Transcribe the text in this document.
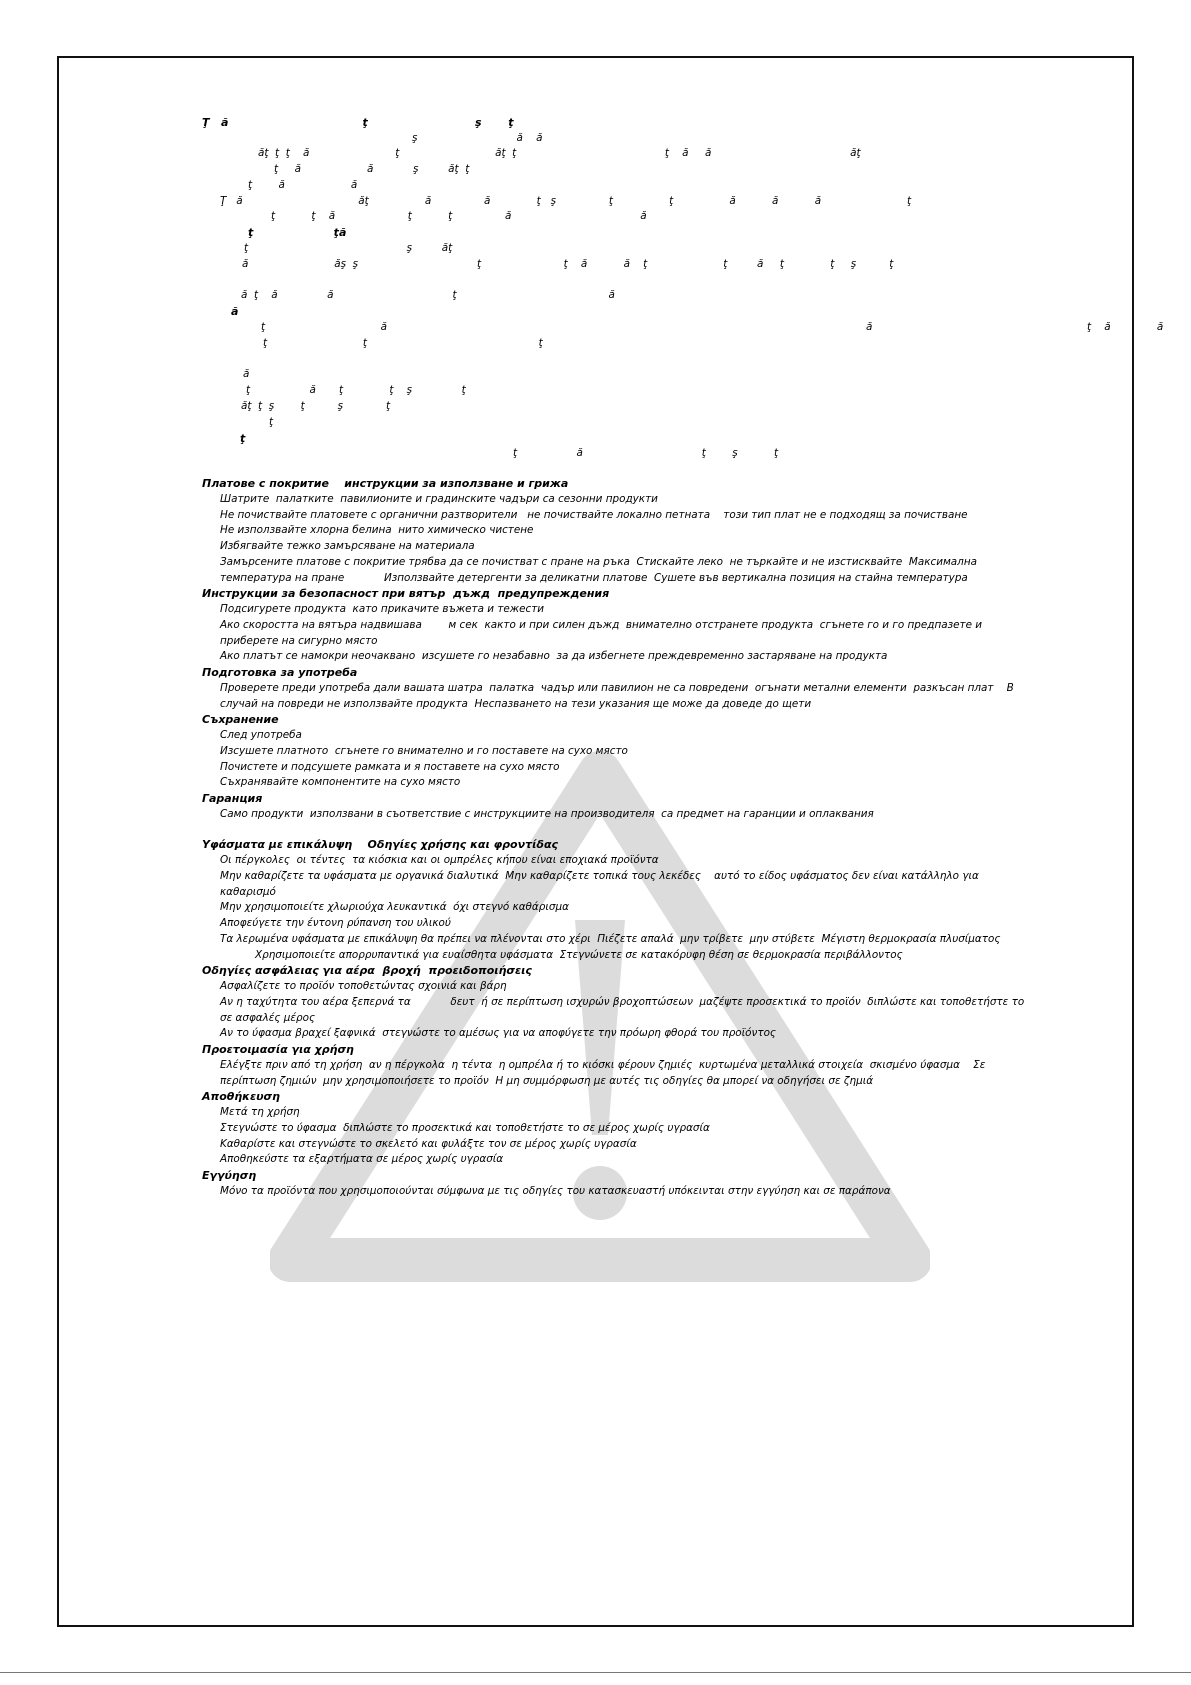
Ţ   ă                                   ţ                            ş       ţ
ş                              ă    ă
ăţ  ţ  ţ    ă                          ţ                             ăţ  ţ                                             ţ    ă     ă                                          ăţ
ţ     ă                    ă            ş         ăţ  ţ
ţ        ă                    ă
Ţ   ă                                   ăţ                 ă                ă              ţ   ş                ţ                 ţ                 ă           ă           ă                          ţ
ţ           ţ    ă                      ţ           ţ                ă                                       ă
ţ                     ţă
ţ                                                ş         ăţ
ă                          ăş  ş                                    ţ                         ţ    ă           ă    ţ                       ţ         ă     ţ              ţ     ş          ţ
ă  ţ    ă               ă                                    ţ                                              ă
ă
ţ                                   ă                                                                                                                                                 ă                                                                 ţ    ă              ă
ţ                             ţ                                                    ţ
ă
ţ                  ă       ţ              ţ    ş               ţ
ăţ  ţ  ş        ţ          ş             ţ
ţ
ţ
ţ                  ă                                    ţ        ş           ţ
Платове с покритие    инструкции за използване и грижа
Шатрите  палатките  павилионите и градинските чадъри са сезонни продукти
Не почиствайте платовете с органични разтворители   не почиствайте локално петната    този тип плат не е подходящ за почистване
Не използвайте хлорна белина  нито химическо чистене
Избягвайте тежко замърсяване на материала
Замърсените платове с покритие трябва да се почистват с пране на ръка  Стискайте леко  не търкайте и не изстисквайте  Максимална
температура на пране            Използвайте детергенти за деликатни платове  Сушете във вертикална позиция на стайна температура
Инструкции за безопасност при вятър  дъжд  предупреждения
Подсигурете продукта  като прикачите въжета и тежести
Ако скоростта на вятъра надвишава        м сек  както и при силен дъжд  внимателно отстранете продукта  сгънете го и го предпазете и
приберете на сигурно място
Ако платът се намокри неочаквано  изсушете го незабавно  за да избегнете преждевременно застаряване на продукта
Подготовка за употреба
Проверете преди употреба дали вашата шатра  палатка  чадър или павилион не са повредени  огънати метални елементи  разкъсан плат    В
случай на повреди не използвайте продукта  Неспазването на тези указания ще може да доведе до щети
Съхранение
След употреба
Изсушете платното  сгънете го внимателно и го поставете на сухо място
Почистете и подсушете рамката и я поставете на сухо място
Съхранявайте компонентите на сухо място
Гаранция
Само продукти  използвани в съответствие с инструкциите на производителя  са предмет на гаранции и оплаквания
Υφάσματα με επικάλυψη    Οδηγίες χρήσης και φροντίδας
Οι πέργκολες  οι τέντες  τα κιόσκια και οι ομπρέλες κήπου είναι εποχιακά προϊόντα
Μην καθαρίζετε τα υφάσματα με οργανικά διαλυτικά  Μην καθαρίζετε τοπικά τους λεκέδες    αυτό το είδος υφάσματος δεν είναι κατάλληλο για
καθαρισμό
Μην χρησιμοποιείτε χλωριούχα λευκαντικά  όχι στεγνό καθάρισμα
Αποφεύγετε την έντονη ρύπανση του υλικού
Τα λερωμένα υφάσματα με επικάλυψη θα πρέπει να πλένονται στο χέρι  Πιέζετε απαλά  μην τρίβετε  μην στύβετε  Μέγιστη θερμοκρασία πλυσίματος
Χρησιμοποιείτε απορρυπαντικά για ευαίσθητα υφάσματα  Στεγνώνετε σε κατακόρυφη θέση σε θερμοκρασία περιβάλλοντος
Οδηγίες ασφάλειας για αέρα  βροχή  προειδοποιήσεις
Ασφαλίζετε το προϊόν τοποθετώντας σχοινιά και βάρη
Αν η ταχύτητα του αέρα ξεπερνά τα            δευτ  ή σε περίπτωση ισχυρών βροχοπτώσεων  μαζέψτε προσεκτικά το προϊόν  διπλώστε και τοποθετήστε το
σε ασφαλές μέρος
Αν το ύφασμα βραχεί ξαφνικά  στεγνώστε το αμέσως για να αποφύγετε την πρόωρη φθορά του προϊόντος
Προετοιμασία για χρήση
Ελέγξτε πριν από τη χρήση  αν η πέργκολα  η τέντα  η ομπρέλα ή το κιόσκι φέρουν ζημιές  κυρτωμένα μεταλλικά στοιχεία  σκισμένο ύφασμα    Σε
περίπτωση ζημιών  μην χρησιμοποιήσετε το προϊόν  Η μη συμμόρφωση με αυτές τις οδηγίες θα μπορεί να οδηγήσει σε ζημιά
Αποθήκευση
Μετά τη χρήση
Στεγνώστε το ύφασμα  διπλώστε το προσεκτικά και τοποθετήστε το σε μέρος χωρίς υγρασία
Καθαρίστε και στεγνώστε το σκελετό και φυλάξτε τον σε μέρος χωρίς υγρασία
Αποθηκεύστε τα εξαρτήματα σε μέρος χωρίς υγρασία
Εγγύηση
Μόνο τα προϊόντα που χρησιμοποιούνται σύμφωνα με τις οδηγίες του κατασκευαστή υπόκεινται στην εγγύηση και σε παράπονα
